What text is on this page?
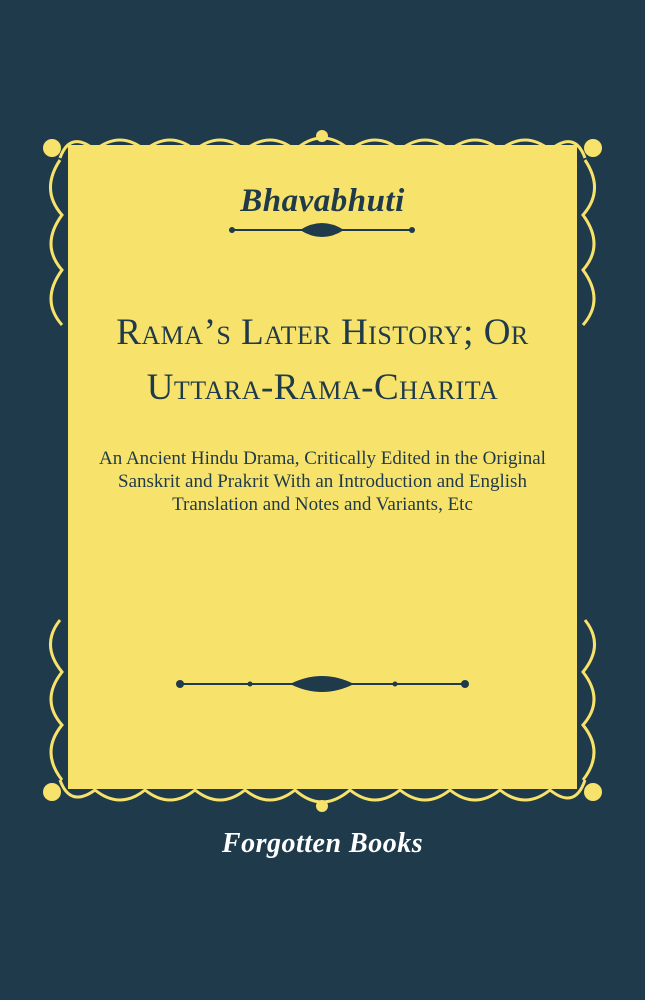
Bhavabhuti
Rama’s Later History; Or
Uttara-Rama-Charita
An Ancient Hindu Drama, Critically Edited in the Original Sanskrit and Prakrit With an Introduction and English Translation and Notes and Variants, Etc
Forgotten Books
